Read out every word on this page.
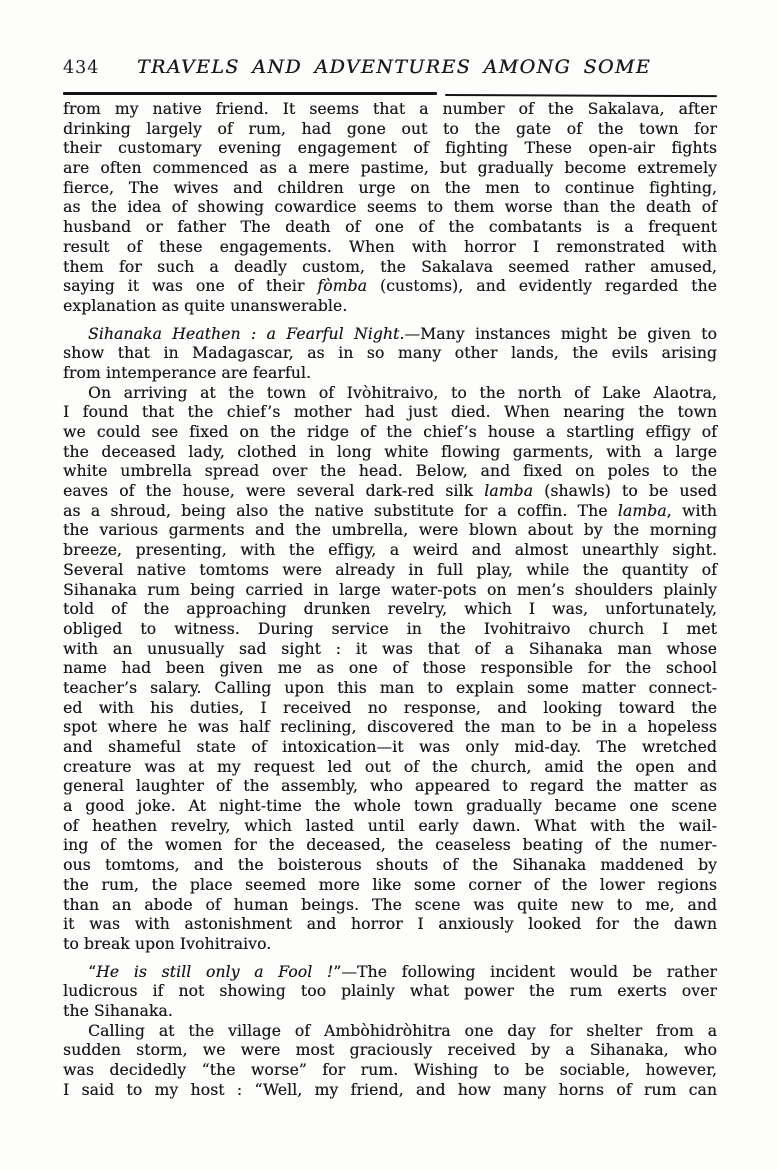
434	TRAVELS AND ADVENTURES AMONG SOME
from my native friend. It seems that a number of the Sakalava, after
drinking largely of rum, had gone out to the gate of the town for
their customary evening engagement of fighting These open-air fights
are often commenced as a mere pastime, but gradually become extremely
fierce, The wives and children urge on the men to continue fighting,
as the idea of showing cowardice seems to them worse than the death of
husband or father The death of one of the combatants is a frequent
result of these engagements. When with horror I remonstrated with
them for such a deadly custom, the Sakalava seemed rather amused,
saying it was one of their fòmba (customs), and evidently regarded the
explanation as quite unanswerable.
Sihanaka Heathen : a Fearful Night.—Many instances might be given to
show that in Madagascar, as in so many other lands, the evils arising
from intemperance are fearful.
On arriving at the town of Ivòhitraivo, to the north of Lake Alaotra,
I found that the chief’s mother had just died. When nearing the town
we could see fixed on the ridge of the chief’s house a startling effigy of
the deceased lady, clothed in long white flowing garments, with a large
white umbrella spread over the head. Below, and fixed on poles to the
eaves of the house, were several dark-red silk lamba (shawls) to be used
as a shroud, being also the native substitute for a coffin. The lamba, with
the various garments and the umbrella, were blown about by the morning
breeze, presenting, with the effigy, a weird and almost unearthly sight.
Several native tomtoms were already in full play, while the quantity of
Sihanaka rum being carried in large water-pots on men’s shoulders plainly
told of the approaching drunken revelry, which I was, unfortunately,
obliged to witness. During service in the Ivohitraivo church I met
with an unusually sad sight : it was that of a Sihanaka man whose
name had been given me as one of those responsible for the school
teacher’s salary. Calling upon this man to explain some matter connect-
ed with his duties, I received no response, and looking toward the
spot where he was half reclining, discovered the man to be in a hopeless
and shameful state of intoxication—it was only mid-day. The wretched
creature was at my request led out of the church, amid the open and
general laughter of the assembly, who appeared to regard the matter as
a good joke. At night-time the whole town gradually became one scene
of heathen revelry, which lasted until early dawn. What with the wail-
ing of the women for the deceased, the ceaseless beating of the numer-
ous tomtoms, and the boisterous shouts of the Sihanaka maddened by
the rum, the place seemed more like some corner of the lower regions
than an abode of human beings. The scene was quite new to me, and
it was with astonishment and horror I anxiously looked for the dawn
to break upon Ivohitraivo.
“He is still only a Fool !”—The following incident would be rather
ludicrous if not showing too plainly what power the rum exerts over
the Sihanaka.
Calling at the village of Ambòhidròhitra one day for shelter from a
sudden storm, we were most graciously received by a Sihanaka, who
was decidedly “the worse” for rum. Wishing to be sociable, however,
I said to my host : “Well, my friend, and how many horns of rum can
